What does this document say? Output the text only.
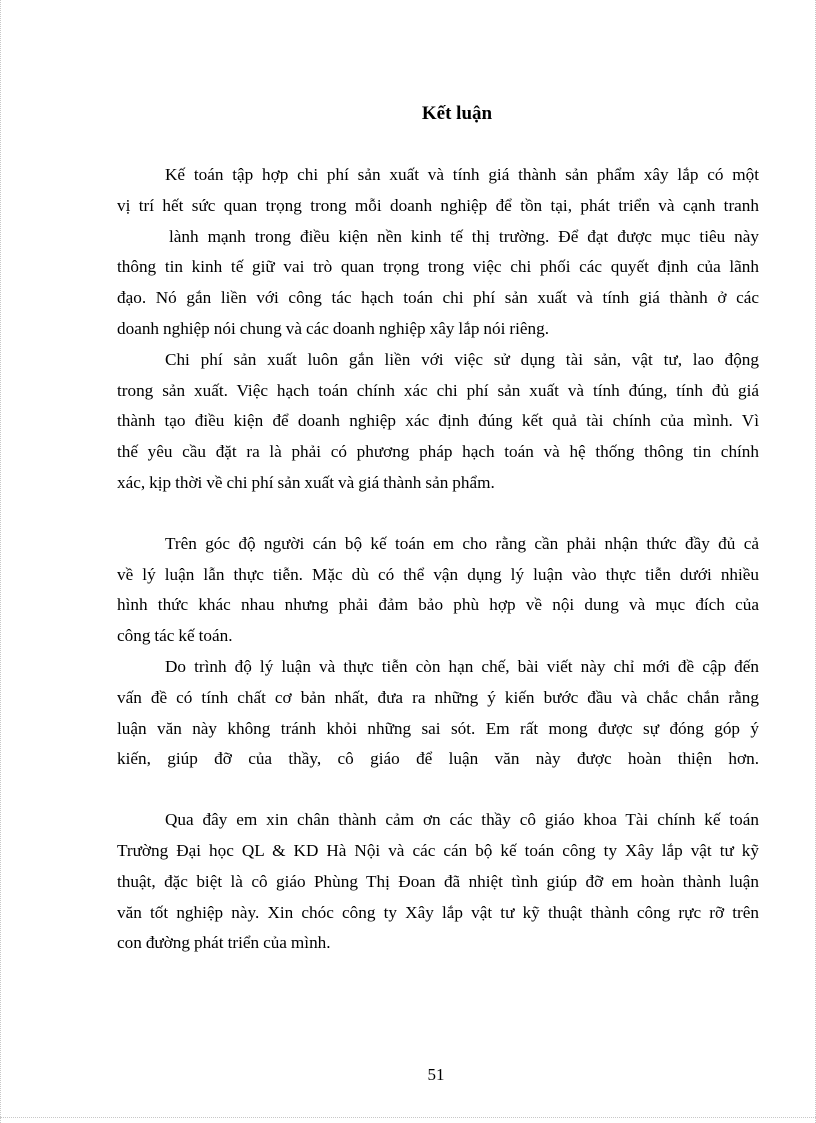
Kết luận

Kế toán tập hợp chi phí sản xuất và tính giá thành sản phẩm xây lắp có một
vị trí hết sức quan trọng trong mỗi doanh nghiệp để tồn tại, phát triển và cạnh tranh
lành mạnh trong điều kiện nền kinh tế thị trường. Để đạt được mục tiêu này
thông tin kinh tế giữ vai trò quan trọng trong việc chi phối các quyết định của lãnh
đạo. Nó gắn liền với công tác hạch toán chi phí sản xuất và tính giá thành ở các
doanh nghiệp nói chung và các doanh nghiệp xây lắp nói riêng.

Chi phí sản xuất luôn gắn liền với việc sử dụng tài sản, vật tư, lao động
trong sản xuất. Việc hạch toán chính xác chi phí sản xuất và tính đúng, tính đủ giá
thành tạo điều kiện để doanh nghiệp xác định đúng kết quả tài chính của mình. Vì
thế yêu cầu đặt ra là phải có phương pháp hạch toán và hệ thống thông tin chính
xác, kịp thời về chi phí sản xuất và giá thành sản phẩm.

Trên góc độ người cán bộ kế toán em cho rằng cần phải nhận thức đầy đủ cả
về lý luận lẫn thực tiễn. Mặc dù có thể vận dụng lý luận vào thực tiễn dưới nhiều
hình thức khác nhau nhưng phải đảm bảo phù hợp về nội dung và mục đích của
công tác kế toán.

Do trình độ lý luận và thực tiễn còn hạn chế, bài viết này chỉ mới đề cập đến
vấn đề có tính chất cơ bản nhất, đưa ra những ý kiến bước đầu và chắc chắn rằng
luận văn này không tránh khỏi những sai sót. Em rất mong được sự đóng góp ý
kiến, giúp đỡ của thầy, cô giáo để luận văn này được hoàn thiện hơn.

Qua đây em xin chân thành cảm ơn các thầy cô giáo khoa Tài chính kế toán
Trường Đại học QL & KD Hà Nội và các cán bộ kế toán công ty Xây lắp vật tư kỹ
thuật, đặc biệt là cô giáo Phùng Thị Đoan đã nhiệt tình giúp đỡ em hoàn thành luận
văn tốt nghiệp này. Xin chóc công ty Xây lắp vật tư kỹ thuật thành công rực rỡ trên
con đường phát triển của mình.

51
